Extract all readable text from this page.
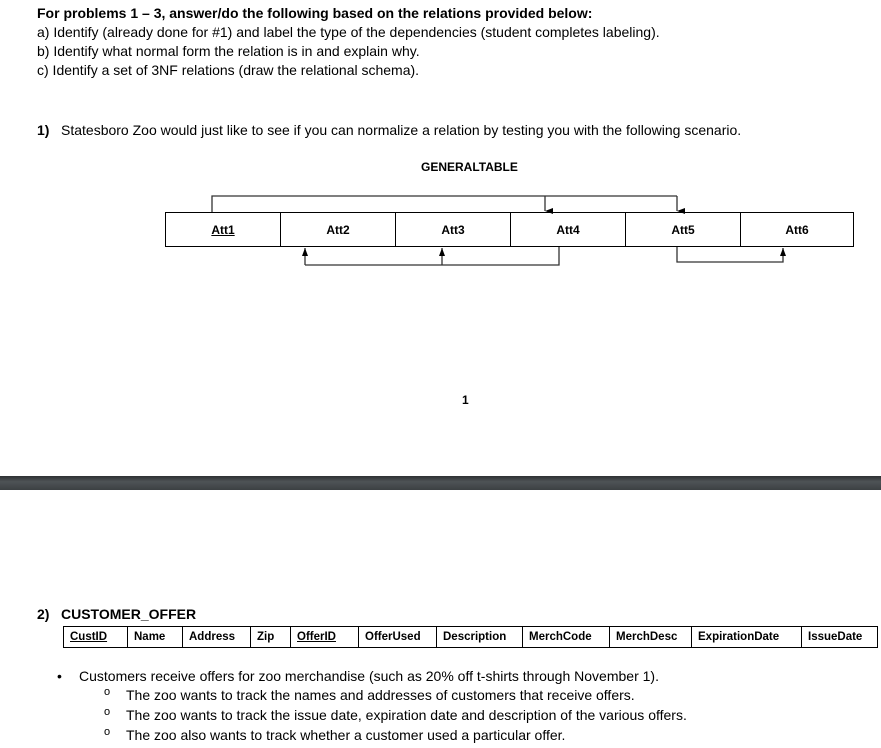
For problems 1 – 3, answer/do the following based on the relations provided below:
a) Identify (already done for #1) and label the type of the dependencies (student completes labeling).
b) Identify what normal form the relation is in and explain why.
c) Identify a set of 3NF relations (draw the relational schema).
1) Statesboro Zoo would just like to see if you can normalize a relation by testing you with the following scenario.
GENERALTABLE
Att1	Att2	Att3	Att4	Att5	Att6
1
2) CUSTOMER_OFFER
CustID	Name	Address	Zip	OfferID	OfferUsed	Description	MerchCode	MerchDesc	ExpirationDate	IssueDate
• Customers receive offers for zoo merchandise (such as 20% off t-shirts through November 1).
o The zoo wants to track the names and addresses of customers that receive offers.
o The zoo wants to track the issue date, expiration date and description of the various offers.
o The zoo also wants to track whether a customer used a particular offer.
